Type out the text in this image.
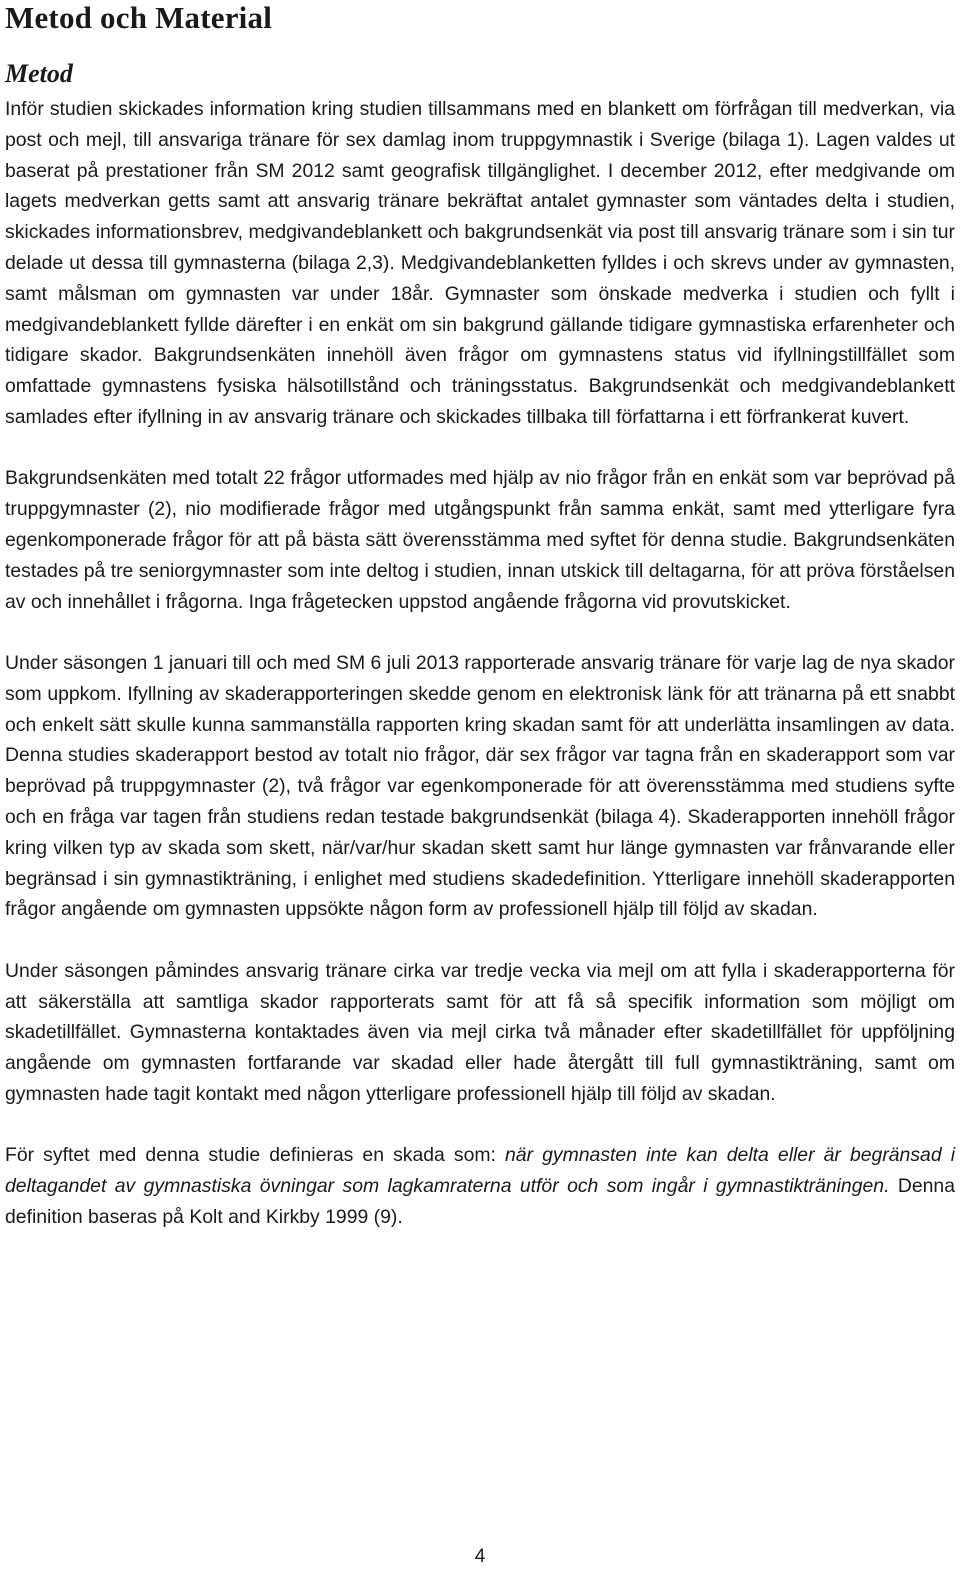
Metod och Material
Metod

Inför studien skickades information kring studien tillsammans med en blankett om förfrågan till medverkan, via post och mejl, till ansvariga tränare för sex damlag inom truppgymnastik i Sverige (bilaga 1). Lagen valdes ut baserat på prestationer från SM 2012 samt geografisk tillgänglighet. I december 2012, efter medgivande om lagets medverkan getts samt att ansvarig tränare bekräftat antalet gymnaster som väntades delta i studien, skickades informationsbrev, medgivandeblankett och bakgrundsenkät via post till ansvarig tränare som i sin tur delade ut dessa till gymnasterna (bilaga 2,3). Medgivandeblanketten fylldes i och skrevs under av gymnasten, samt målsman om gymnasten var under 18år. Gymnaster som önskade medverka i studien och fyllt i medgivandeblankett fyllde därefter i en enkät om sin bakgrund gällande tidigare gymnastiska erfarenheter och tidigare skador. Bakgrundsenkäten innehöll även frågor om gymnastens status vid ifyllningstillfället som omfattade gymnastens fysiska hälsotillstånd och träningsstatus. Bakgrundsenkät och medgivandeblankett samlades efter ifyllning in av ansvarig tränare och skickades tillbaka till författarna i ett förfrankerat kuvert.

Bakgrundsenkäten med totalt 22 frågor utformades med hjälp av nio frågor från en enkät som var beprövad på truppgymnaster (2), nio modifierade frågor med utgångspunkt från samma enkät, samt med ytterligare fyra egenkomponerade frågor för att på bästa sätt överensstämma med syftet för denna studie. Bakgrundsenkäten testades på tre seniorgymnaster som inte deltog i studien, innan utskick till deltagarna, för att pröva förståelsen av och innehållet i frågorna. Inga frågetecken uppstod angående frågorna vid provutskicket.

Under säsongen 1 januari till och med SM 6 juli 2013 rapporterade ansvarig tränare för varje lag de nya skador som uppkom. Ifyllning av skaderapporteringen skedde genom en elektronisk länk för att tränarna på ett snabbt och enkelt sätt skulle kunna sammanställa rapporten kring skadan samt för att underlätta insamlingen av data. Denna studies skaderapport bestod av totalt nio frågor, där sex frågor var tagna från en skaderapport som var beprövad på truppgymnaster (2), två frågor var egenkomponerade för att överensstämma med studiens syfte och en fråga var tagen från studiens redan testade bakgrundsenkät (bilaga 4). Skaderapporten innehöll frågor kring vilken typ av skada som skett, när/var/hur skadan skett samt hur länge gymnasten var frånvarande eller begränsad i sin gymnastikträning, i enlighet med studiens skadedefinition. Ytterligare innehöll skaderapporten frågor angående om gymnasten uppsökte någon form av professionell hjälp till följd av skadan.

Under säsongen påmindes ansvarig tränare cirka var tredje vecka via mejl om att fylla i skaderapporterna för att säkerställa att samtliga skador rapporterats samt för att få så specifik information som möjligt om skadetillfället. Gymnasterna kontaktades även via mejl cirka två månader efter skadetillfället för uppföljning angående om gymnasten fortfarande var skadad eller hade återgått till full gymnastikträning, samt om gymnasten hade tagit kontakt med någon ytterligare professionell hjälp till följd av skadan.

För syftet med denna studie definieras en skada som: när gymnasten inte kan delta eller är begränsad i deltagandet av gymnastiska övningar som lagkamraterna utför och som ingår i gymnastikträningen. Denna definition baseras på Kolt and Kirkby 1999 (9).

4
